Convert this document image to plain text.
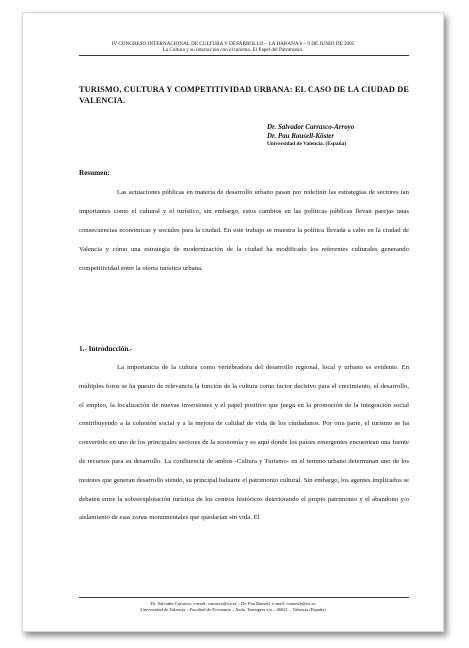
IV CONGRESO INTERNACIONAL DE CULTURA Y DESARROLLO – LA HABANA 6 – 9 DE JUNIO DE 2005
La Cultura y su interacción con el turismo. El Papel del Patrimonio.
TURISMO, CULTURA Y COMPETITIVIDAD URBANA: EL CASO DE LA CIUDAD DE VALENCIA.
Dr. Salvador Carrasco-Arroyo
Dr. Pau Rausell-Köster
Universidad de Valencia. (España)
Resumen:
Las actuaciones públicas en materia de desarrollo urbano pasan por redefinir las estrategias de sectores tan importantes como el cultural y el turístico, sin embargo, estos cambios en las políticas públicas llevan parejas unas consecuencias económicas y sociales para la ciudad. En este trabajo se muestra la política llevada a cabo en la ciudad de Valencia y cómo una estrategia de modernización de la ciudad ha modificado los referentes culturales generando competitividad entre la oferta turística urbana.
1.- Introducción.-
La importancia de la cultura como vertebradora del desarrollo regional, local y urbano es evidente. En múltiples foros se ha puesto de relevancia la función de la cultura como factor decisivo para el crecimiento, el desarrollo, el empleo, la localización de nuevas inversiones y el papel positivo que juega en la promoción de la integración social contribuyendo a la cohesión social y a la mejora de calidad de vida de los ciudadanos. Por otra parte, el turismo se ha convertido en uno de los principales sectores de la economía y es aquí donde los países emergentes encuentran una fuente de recursos para su desarrollo. La confluencia de ambos -Cultura y Turismo- en el terreno urbano determinan uno de los motores que generan desarrollo siendo, su principal baluarte el patrimonio cultural. Sin embargo, los agentes implicados se debaten entre la sobreexplotación turística de los centros históricos deteriorando el propio patrimonio y el abandono y/o aislamiento de esas zonas monumentales que quedarían sin vida. El
Dr. Salvador Carrasco. e-mail: carrasco@uv.es – Dr. Pau Rausell. e-mail: rconesib@uv.es
Universidad de Valencia – Facultad de Economía – Avda. Tarongers s/n – 46021 – Valencia (España)
